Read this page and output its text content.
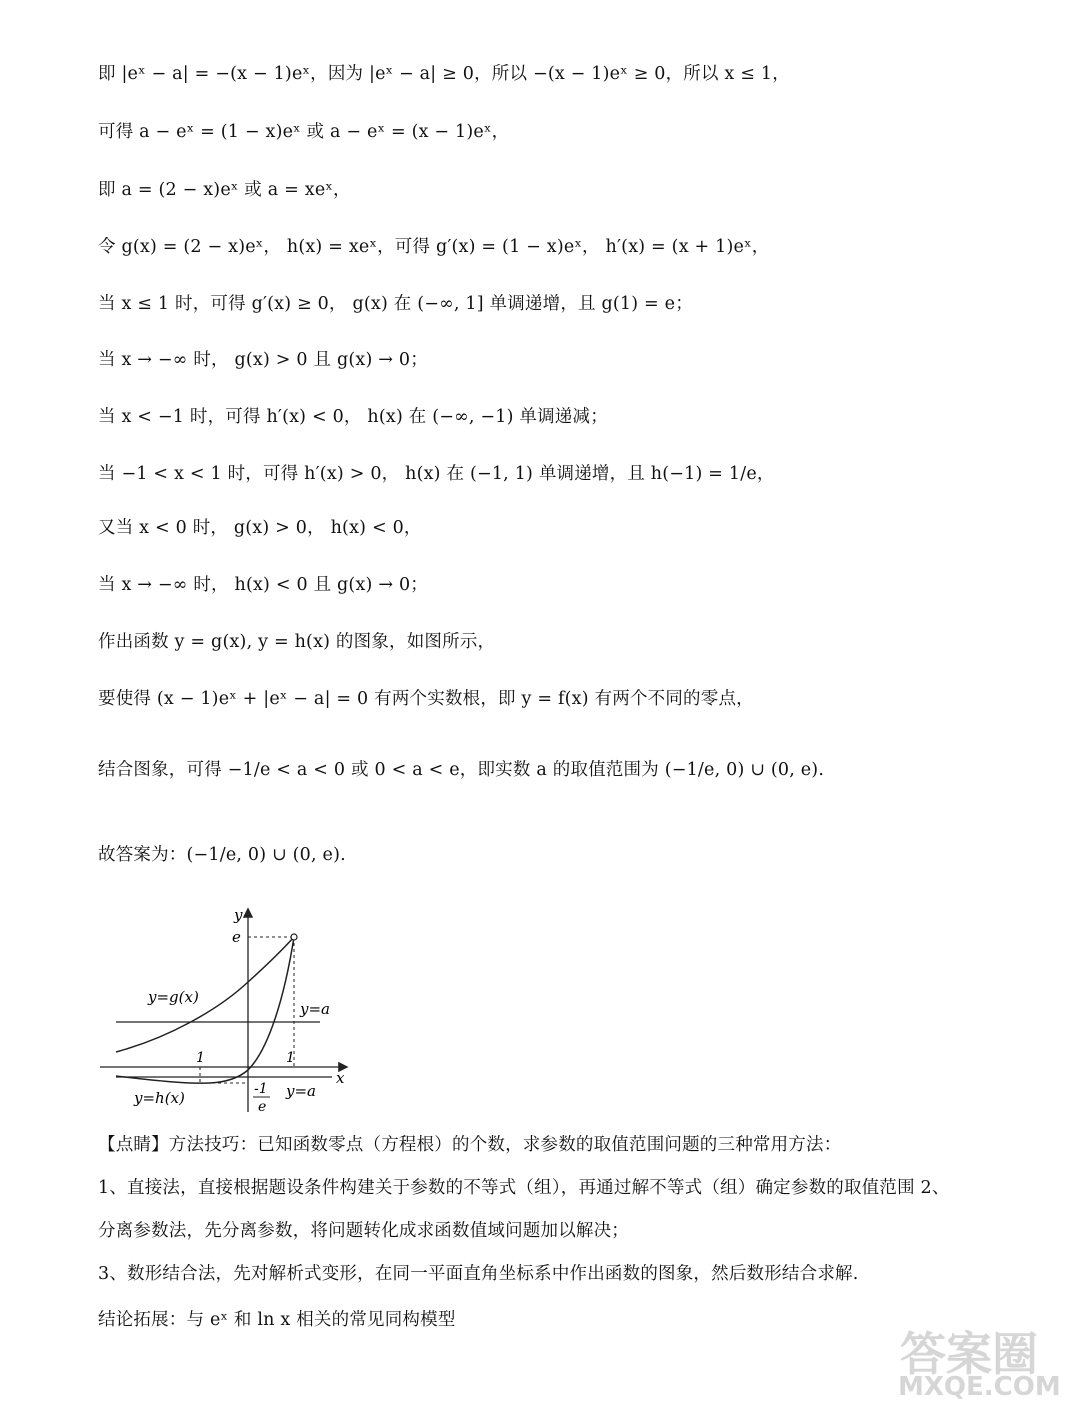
即 |eˣ − a| = −(x − 1)eˣ，因为 |eˣ − a| ≥ 0，所以 −(x − 1)eˣ ≥ 0，所以 x ≤ 1，
可得 a − eˣ = (1 − x)eˣ 或 a − eˣ = (x − 1)eˣ，
即 a = (2 − x)eˣ 或 a = xeˣ，
令 g(x) = (2 − x)eˣ， h(x) = xeˣ，可得 g′(x) = (1 − x)eˣ， h′(x) = (x + 1)eˣ，
当 x ≤ 1 时，可得 g′(x) ≥ 0， g(x) 在 (−∞, 1] 单调递增，且 g(1) = e；
当 x → −∞ 时， g(x) > 0 且 g(x) → 0；
当 x < −1 时，可得 h′(x) < 0， h(x) 在 (−∞, −1) 单调递减；
当 −1 < x < 1 时，可得 h′(x) > 0， h(x) 在 (−1, 1) 单调递增，且 h(−1) = 1/e，
又当 x < 0 时， g(x) > 0， h(x) < 0，
当 x → −∞ 时， h(x) < 0 且 g(x) → 0；
作出函数 y = g(x), y = h(x) 的图象，如图所示，
要使得 (x − 1)eˣ + |eˣ − a| = 0 有两个实数根，即 y = f(x) 有两个不同的零点，
结合图象，可得 −1/e < a < 0 或 0 < a < e，即实数 a 的取值范围为 (−1/e, 0) ∪ (0, e).
故答案为：(−1/e, 0) ∪ (0, e).
y
x
e
1	1
-1
e
y=g(x)
y=h(x)
y=a
y=a
【点睛】方法技巧：已知函数零点（方程根）的个数，求参数的取值范围问题的三种常用方法：
1、直接法，直接根据题设条件构建关于参数的不等式（组），再通过解不等式（组）确定参数的取值范围 2、
分离参数法，先分离参数，将问题转化成求函数值域问题加以解决；
3、数形结合法，先对解析式变形，在同一平面直角坐标系中作出函数的图象，然后数形结合求解.
结论拓展：与 eˣ 和 ln x 相关的常见同构模型
答案圈
MXQE.COM
